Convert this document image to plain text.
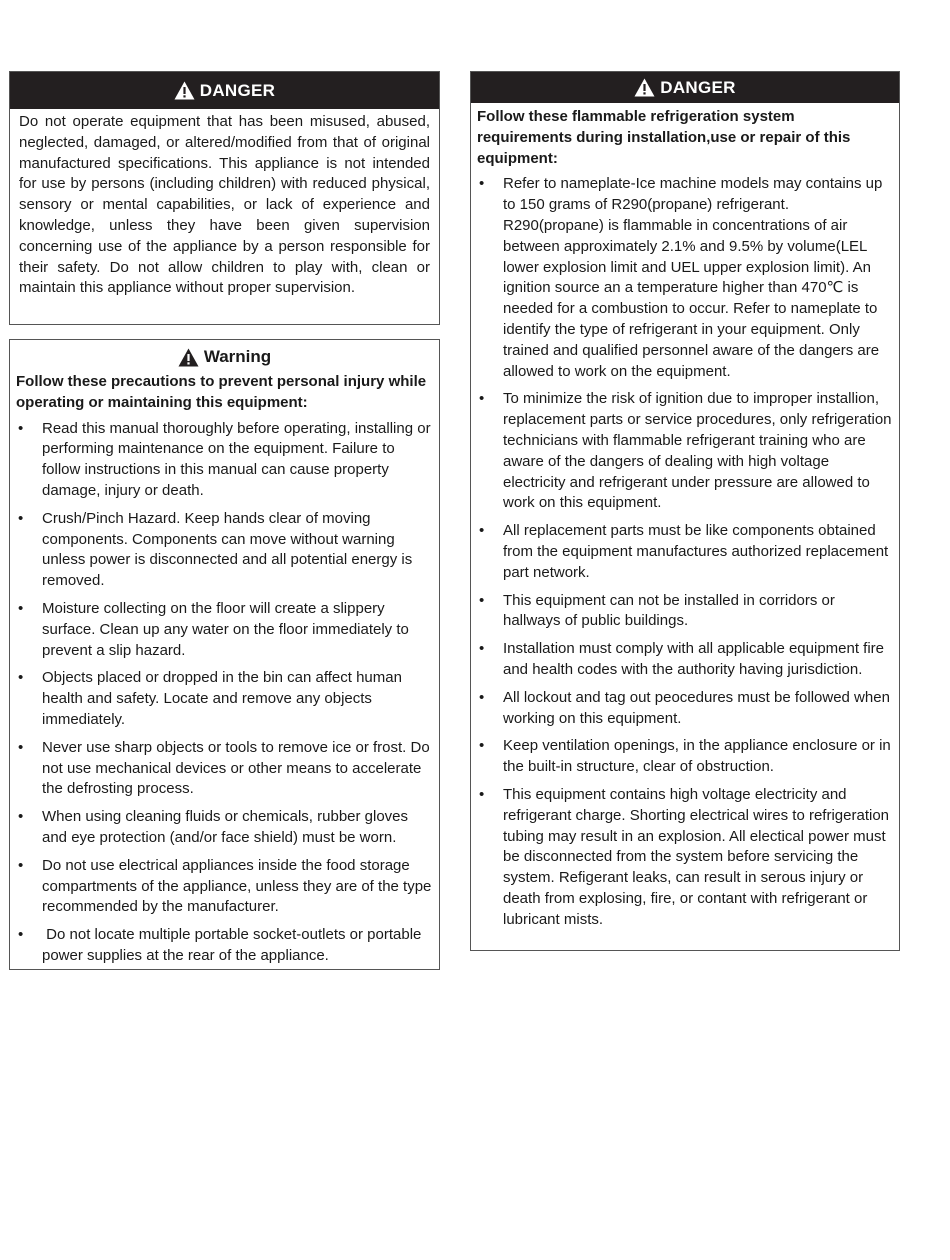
DANGER

Do not operate equipment that has been misused, abused, neglected, damaged, or altered/modified from that of original manufactured specifications. This appliance is not intended for use by persons (including children) with reduced physical, sensory or mental capabilities, or lack of experience and knowledge, unless they have been given supervision concerning use of the appliance by a person responsible for their safety. Do not allow children to play with, clean or maintain this appliance without proper supervision.

Warning

Follow these precautions to prevent personal injury while operating or maintaining this equipment:

• Read this manual thoroughly before operating, installing or performing maintenance on the equipment. Failure to follow instructions in this manual can cause property damage, injury or death.
• Crush/Pinch Hazard. Keep hands clear of moving components. Components can move without warning unless power is disconnected and all potential energy is removed.
• Moisture collecting on the floor will create a slippery surface. Clean up any water on the floor immediately to prevent a slip hazard.
• Objects placed or dropped in the bin can affect human health and safety. Locate and remove any objects immediately.
• Never use sharp objects or tools to remove ice or frost. Do not use mechanical devices or other means to accelerate the defrosting process.
• When using cleaning fluids or chemicals, rubber gloves and eye protection (and/or face shield) must be worn.
• Do not use electrical appliances inside the food storage compartments of the appliance, unless they are of the type recommended by the manufacturer.
• Do not locate multiple portable socket-outlets or portable power supplies at the rear of the appliance.
DANGER

Follow these flammable refrigeration system requirements during installation,use or repair of this equipment:

• Refer to nameplate-Ice machine models may contains up to 150 grams of R290(propane) refrigerant. R290(propane) is flammable in concentrations of air between approximately 2.1% and 9.5% by volume(LEL lower explosion limit and UEL upper explosion limit). An ignition source an a temperature higher than 470℃ is needed for a combustion to occur. Refer to nameplate to identify the type of refrigerant in your equipment. Only trained and qualified personnel aware of the dangers are allowed to work on the equipment.
• To minimize the risk of ignition due to improper installion, replacement parts or service procedures, only refrigeration technicians with flammable refrigerant training who are aware of the dangers of dealing with high voltage electricity and refrigerant under pressure are allowed to work on this equipment.
• All replacement parts must be like components obtained from the equipment manufactures authorized replacement part network.
• This equipment can not be installed in corridors or hallways of public buildings.
• Installation must comply with all applicable equipment fire and health codes with the authority having jurisdiction.
• All lockout and tag out peocedures must be followed when working on this equipment.
• Keep ventilation openings, in the appliance enclosure or in the built-in structure, clear of obstruction.
• This equipment contains high voltage electricity and refrigerant charge. Shorting electrical wires to refrigeration tubing may result in an explosion. All electical power must be disconnected from the system before servicing the system. Refigerant leaks, can result in serous injury or death from explosing, fire, or contant with refrigerant or lubricant mists.
